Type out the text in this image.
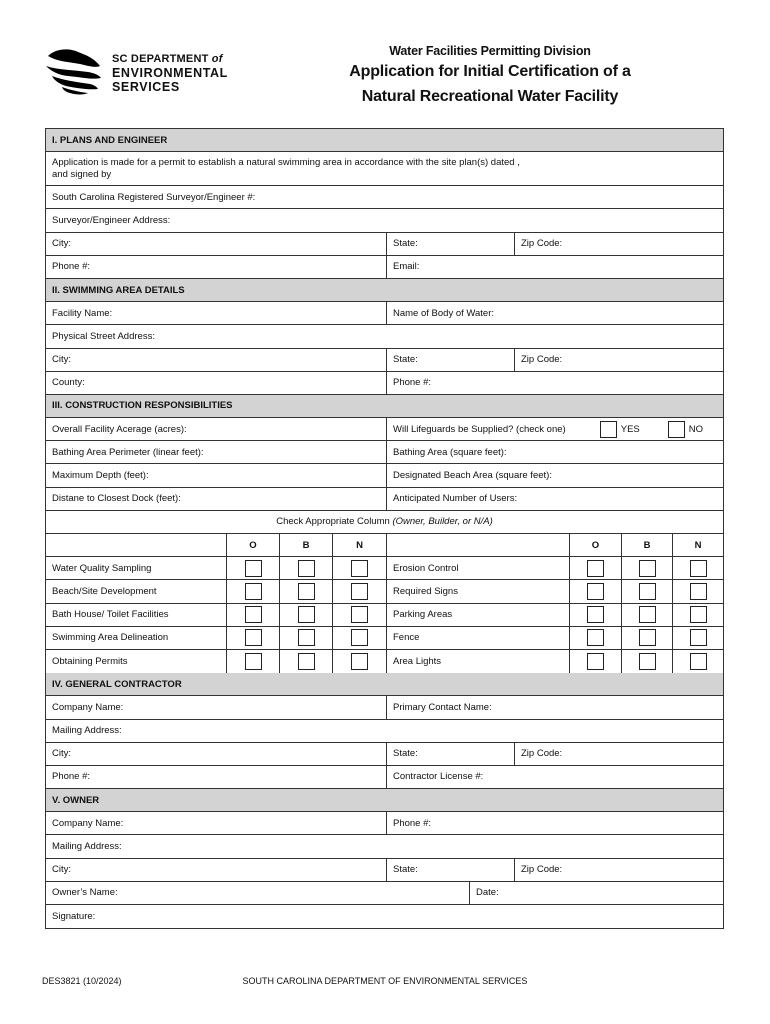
SC DEPARTMENT of
ENVIRONMENTAL
SERVICES
Water Facilities Permitting Division
Application for Initial Certification of a
Natural Recreational Water Facility
I. PLANS AND ENGINEER
Application is made for a permit to establish a natural swimming area in accordance with the site plan(s) dated ,
and signed by
South Carolina Registered Surveyor/Engineer #:
Surveyor/Engineer Address:
City:	State:	Zip Code:
Phone #:	Email:
II. SWIMMING AREA DETAILS
Facility Name:	Name of Body of Water:
Physical Street Address:
City:	State:	Zip Code:
County:	Phone #:
III. CONSTRUCTION RESPONSIBILITIES
Overall Facility Acerage (acres):	Will Lifeguards be Supplied? (check one)	YES	NO
Bathing Area Perimeter (linear feet):	Bathing Area (square feet):
Maximum Depth (feet):	Designated Beach Area (square feet):
Distane to Closest Dock (feet):	Anticipated Number of Users:
Check Appropriate Column
(Owner, Builder, or N/A)
O	B	N	O	B	N
Water Quality Sampling	Erosion Control
Beach/Site Development	Required Signs
Bath House/ Toilet Facilities	Parking Areas
Swimming Area Delineation	Fence
Obtaining Permits	Area Lights
IV. GENERAL CONTRACTOR
Company Name:	Primary Contact Name:
Mailing Address:
City:	State:	Zip Code:
Phone #:	Contractor License #:
V. OWNER
Company Name:	Phone #:
Mailing Address:
City:	State:	Zip Code:
Owner’s Name:	Date:
Signature:
SOUTH CAROLINA DEPARTMENT OF ENVIRONMENTAL SERVICES
DES3821 (10/2024)
